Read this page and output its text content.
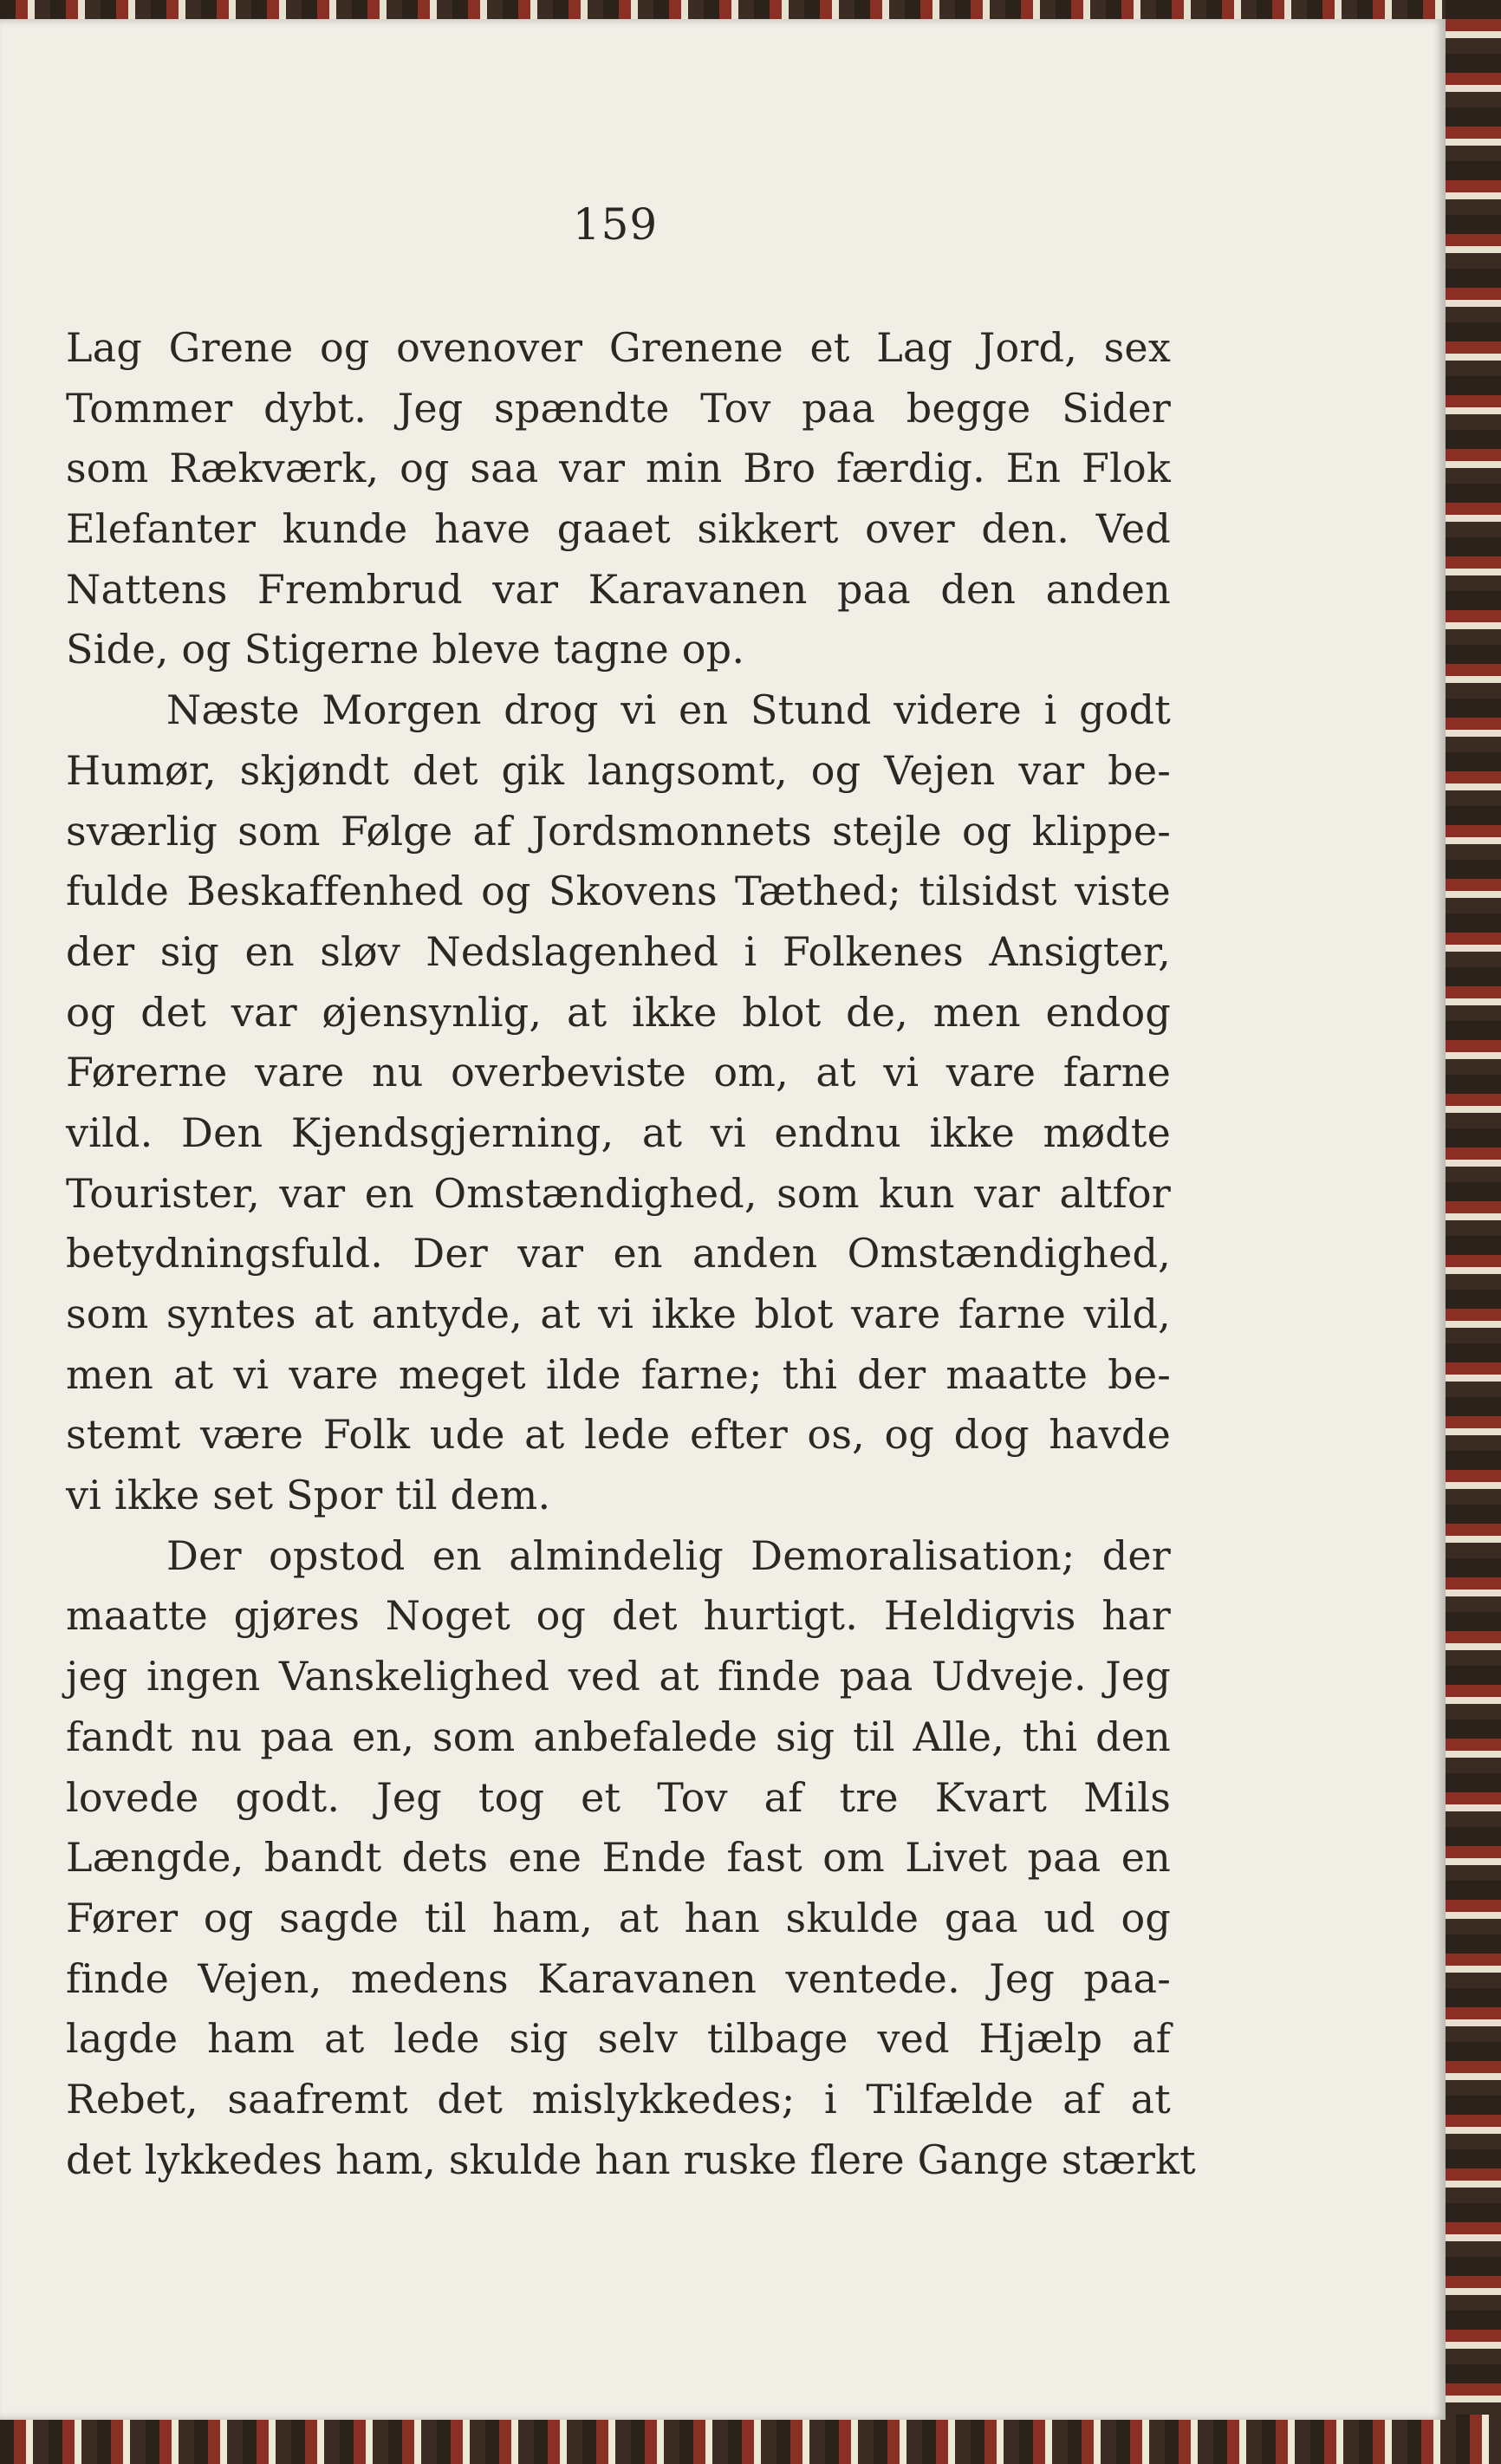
159
Lag Grene og ovenover Grenene et Lag Jord, sex
Tommer dybt. Jeg spændte Tov paa begge Sider
som Rækværk, og saa var min Bro færdig. En Flok
Elefanter kunde have gaaet sikkert over den. Ved
Nattens Frembrud var Karavanen paa den anden
Side, og Stigerne bleve tagne op.
Næste Morgen drog vi en Stund videre i godt
Humør, skjøndt det gik langsomt, og Vejen var be-
sværlig som Følge af Jordsmonnets stejle og klippe-
fulde Beskaffenhed og Skovens Tæthed; tilsidst viste
der sig en sløv Nedslagenhed i Folkenes Ansigter,
og det var øjensynlig, at ikke blot de, men endog
Førerne vare nu overbeviste om, at vi vare farne
vild. Den Kjendsgjerning, at vi endnu ikke mødte
Tourister, var en Omstændighed, som kun var altfor
betydningsfuld. Der var en anden Omstændighed,
som syntes at antyde, at vi ikke blot vare farne vild,
men at vi vare meget ilde farne; thi der maatte be-
stemt være Folk ude at lede efter os, og dog havde
vi ikke set Spor til dem.
Der opstod en almindelig Demoralisation; der
maatte gjøres Noget og det hurtigt. Heldigvis har
jeg ingen Vanskelighed ved at finde paa Udveje. Jeg
fandt nu paa en, som anbefalede sig til Alle, thi den
lovede godt. Jeg tog et Tov af tre Kvart Mils
Længde, bandt dets ene Ende fast om Livet paa en
Fører og sagde til ham, at han skulde gaa ud og
finde Vejen, medens Karavanen ventede. Jeg paa-
lagde ham at lede sig selv tilbage ved Hjælp af
Rebet, saafremt det mislykkedes; i Tilfælde af at
det lykkedes ham, skulde han ruske flere Gange stærkt
